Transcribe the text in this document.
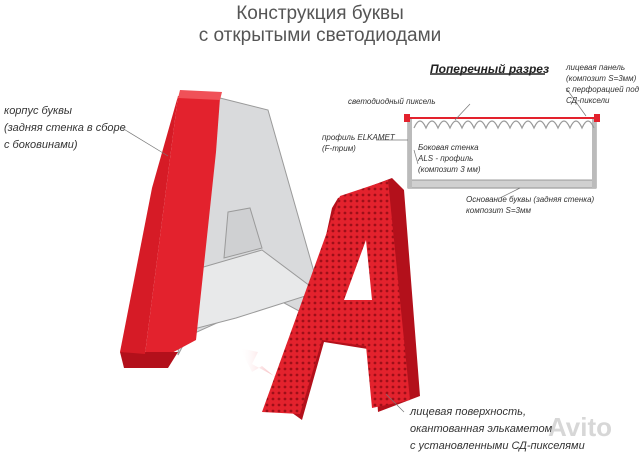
Конструкция буквы
с открытыми светодиодами
корпус буквы
(задняя стенка в сборе
с боковинами)
лицевая поверхность,
окантованная элькаметом
с установленными СД-пикселями
Поперечный разрез
светодиодный пиксель
профиль ELKAMET
(F-трим)	Боковая стенка
ALS - профиль
(композит 3 мм)
лицевая панель
(композит S=3мм)
с перфорацией под
СД-пиксели
Основание буквы (задняя стенка)
композит S=3мм
Avito
